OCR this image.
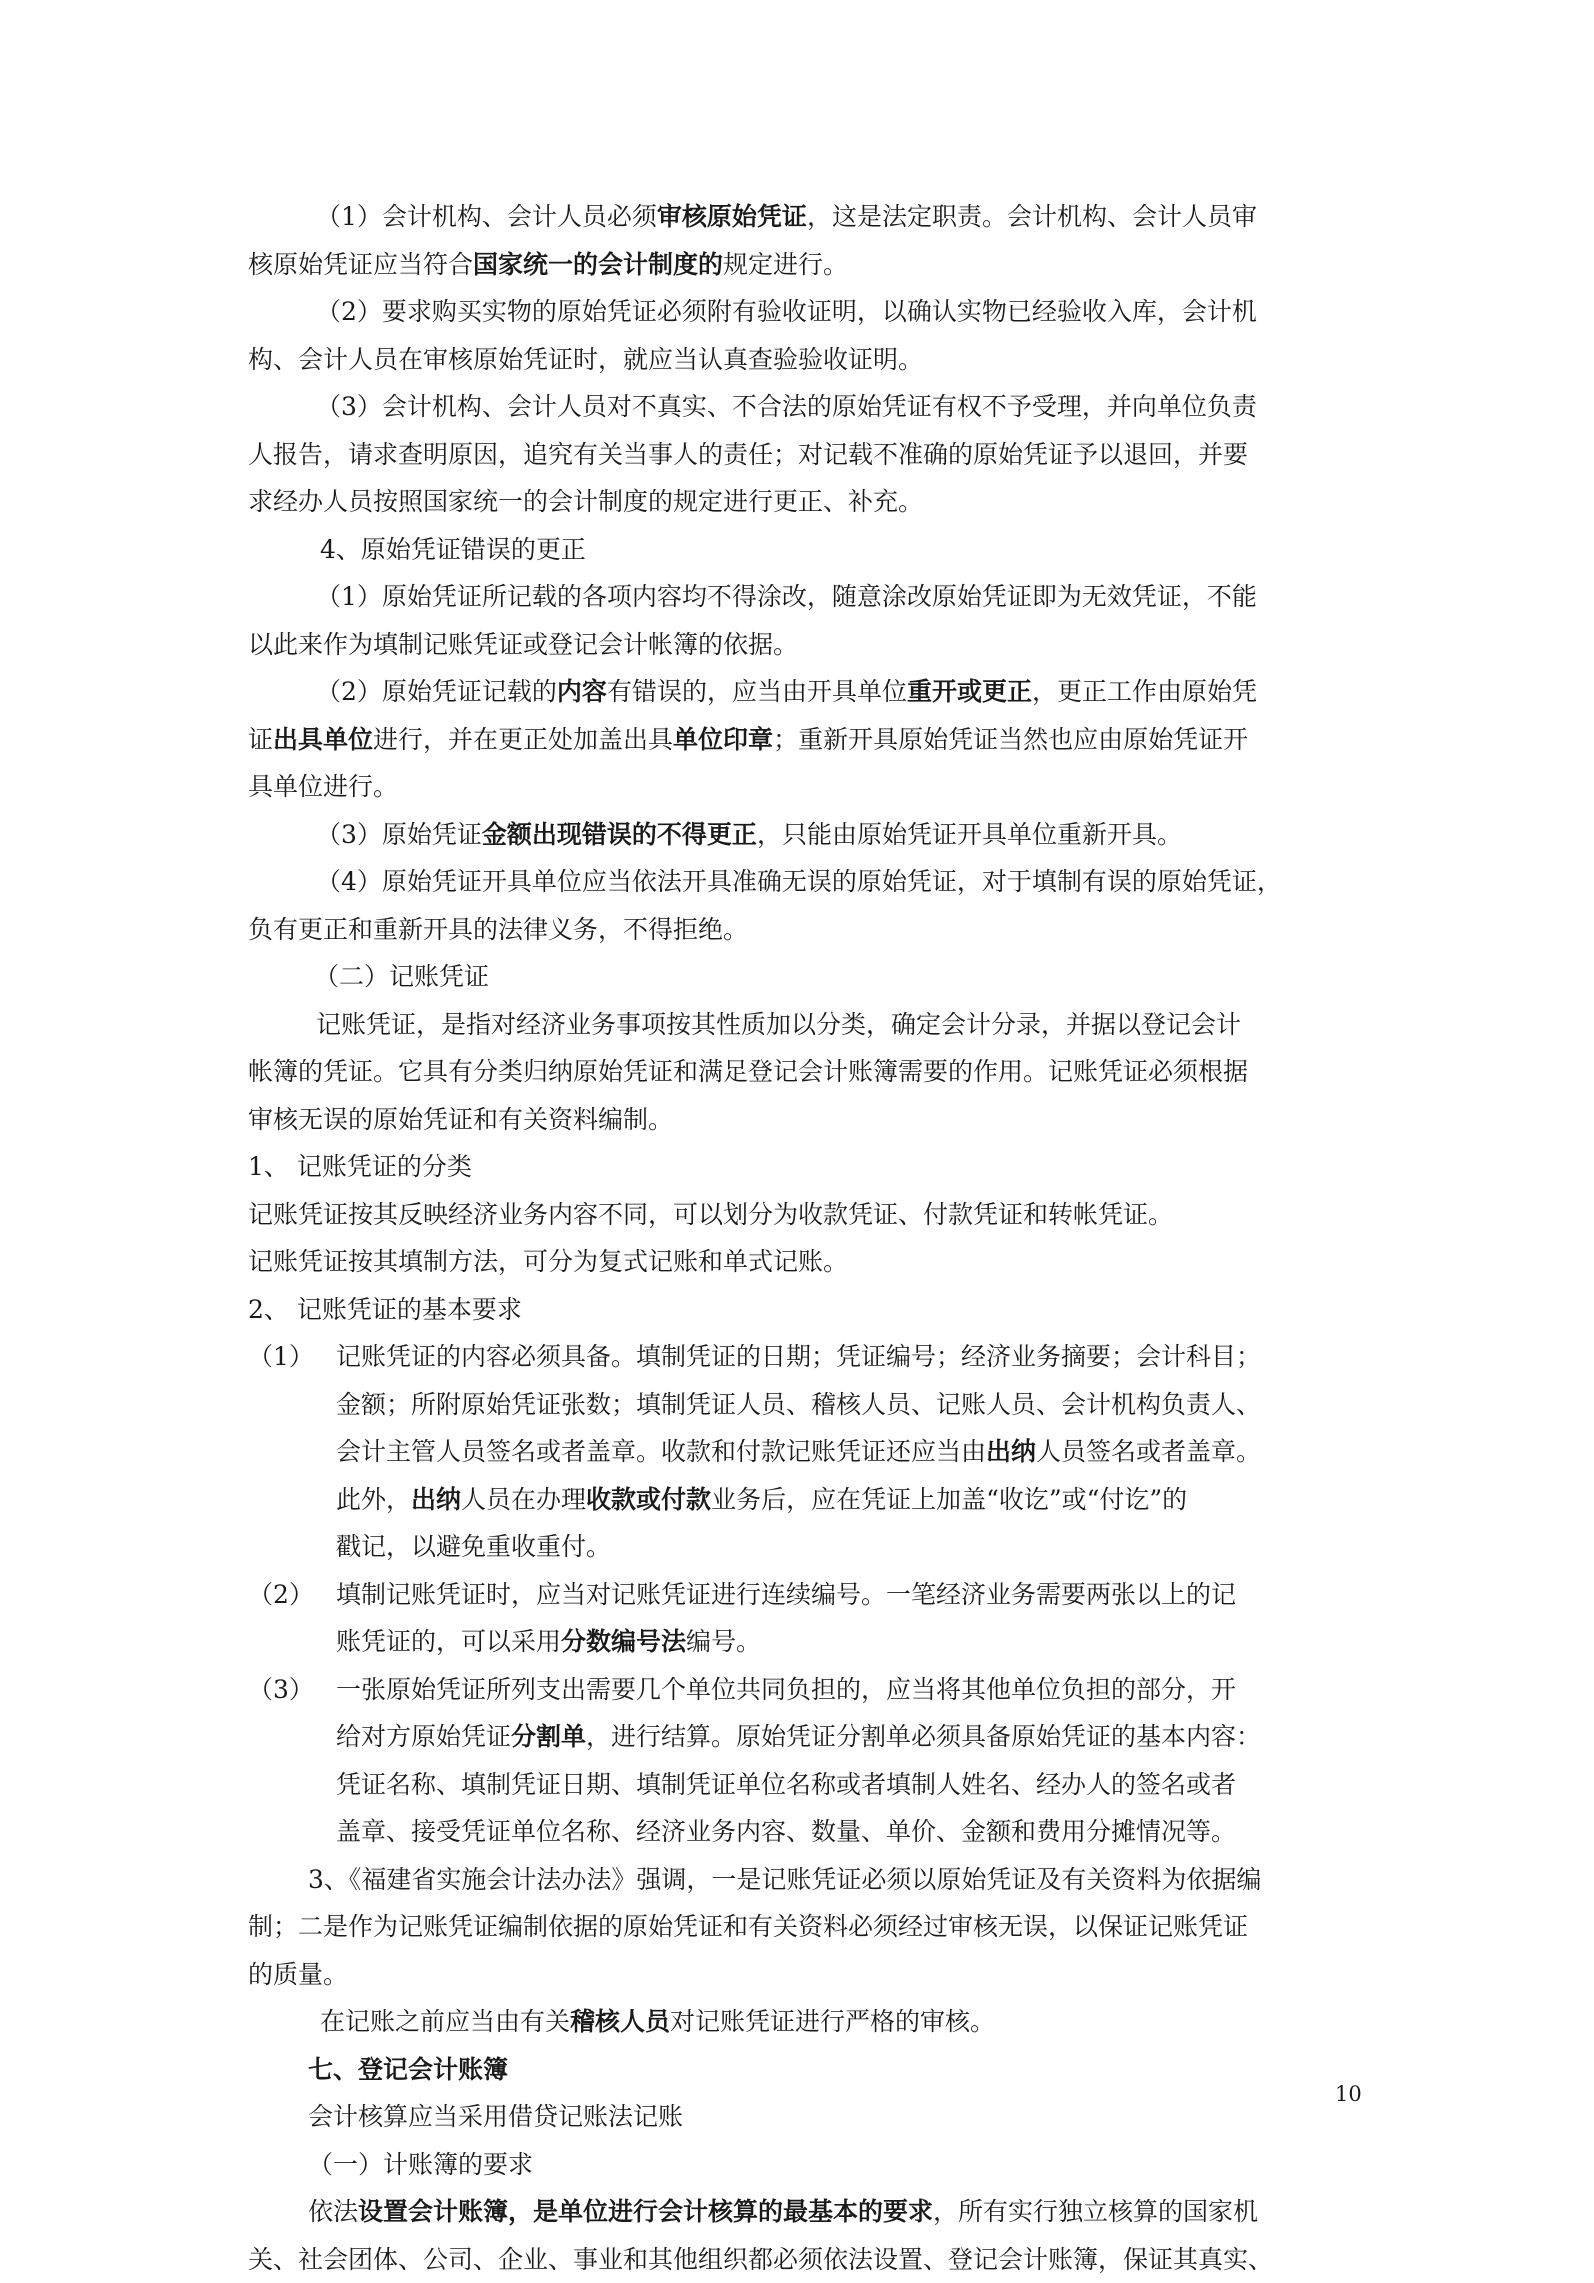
（1）会计机构、会计人员必须审核原始凭证，这是法定职责。会计机构、会计人员审
核原始凭证应当符合国家统一的会计制度的规定进行。
（2）要求购买实物的原始凭证必须附有验收证明，以确认实物已经验收入库，会计机
构、会计人员在审核原始凭证时，就应当认真查验验收证明。
（3）会计机构、会计人员对不真实、不合法的原始凭证有权不予受理，并向单位负责
人报告，请求查明原因，追究有关当事人的责任；对记载不准确的原始凭证予以退回，并要
求经办人员按照国家统一的会计制度的规定进行更正、补充。
4、原始凭证错误的更正
（1）原始凭证所记载的各项内容均不得涂改，随意涂改原始凭证即为无效凭证，不能
以此来作为填制记账凭证或登记会计帐簿的依据。
（2）原始凭证记载的内容有错误的，应当由开具单位重开或更正，更正工作由原始凭
证出具单位进行，并在更正处加盖出具单位印章；重新开具原始凭证当然也应由原始凭证开
具单位进行。
（3）原始凭证金额出现错误的不得更正，只能由原始凭证开具单位重新开具。
（4）原始凭证开具单位应当依法开具准确无误的原始凭证，对于填制有误的原始凭证，
负有更正和重新开具的法律义务，不得拒绝。
（二）记账凭证
记账凭证，是指对经济业务事项按其性质加以分类，确定会计分录，并据以登记会计
帐簿的凭证。它具有分类归纳原始凭证和满足登记会计账簿需要的作用。记账凭证必须根据
审核无误的原始凭证和有关资料编制。
1、 记账凭证的分类
记账凭证按其反映经济业务内容不同，可以划分为收款凭证、付款凭证和转帐凭证。
记账凭证按其填制方法，可分为复式记账和单式记账。
2、 记账凭证的基本要求
（1） 记账凭证的内容必须具备。填制凭证的日期；凭证编号；经济业务摘要；会计科目；
金额；所附原始凭证张数；填制凭证人员、稽核人员、记账人员、会计机构负责人、
会计主管人员签名或者盖章。收款和付款记账凭证还应当由出纳人员签名或者盖章。
此外，出纳人员在办理收款或付款业务后，应在凭证上加盖“收讫”或“付讫”的
戳记，以避免重收重付。
（2） 填制记账凭证时，应当对记账凭证进行连续编号。一笔经济业务需要两张以上的记
账凭证的，可以采用分数编号法编号。
（3） 一张原始凭证所列支出需要几个单位共同负担的，应当将其他单位负担的部分，开
给对方原始凭证分割单，进行结算。原始凭证分割单必须具备原始凭证的基本内容：
凭证名称、填制凭证日期、填制凭证单位名称或者填制人姓名、经办人的签名或者
盖章、接受凭证单位名称、经济业务内容、数量、单价、金额和费用分摊情况等。
3、《福建省实施会计法办法》强调，一是记账凭证必须以原始凭证及有关资料为依据编
制；二是作为记账凭证编制依据的原始凭证和有关资料必须经过审核无误，以保证记账凭证
的质量。
在记账之前应当由有关稽核人员对记账凭证进行严格的审核。
七、登记会计账簿
会计核算应当采用借贷记账法记账
（一）计账簿的要求
依法设置会计账簿，是单位进行会计核算的最基本的要求，所有实行独立核算的国家机
关、社会团体、公司、企业、事业和其他组织都必须依法设置、登记会计账簿，保证其真实、
10
